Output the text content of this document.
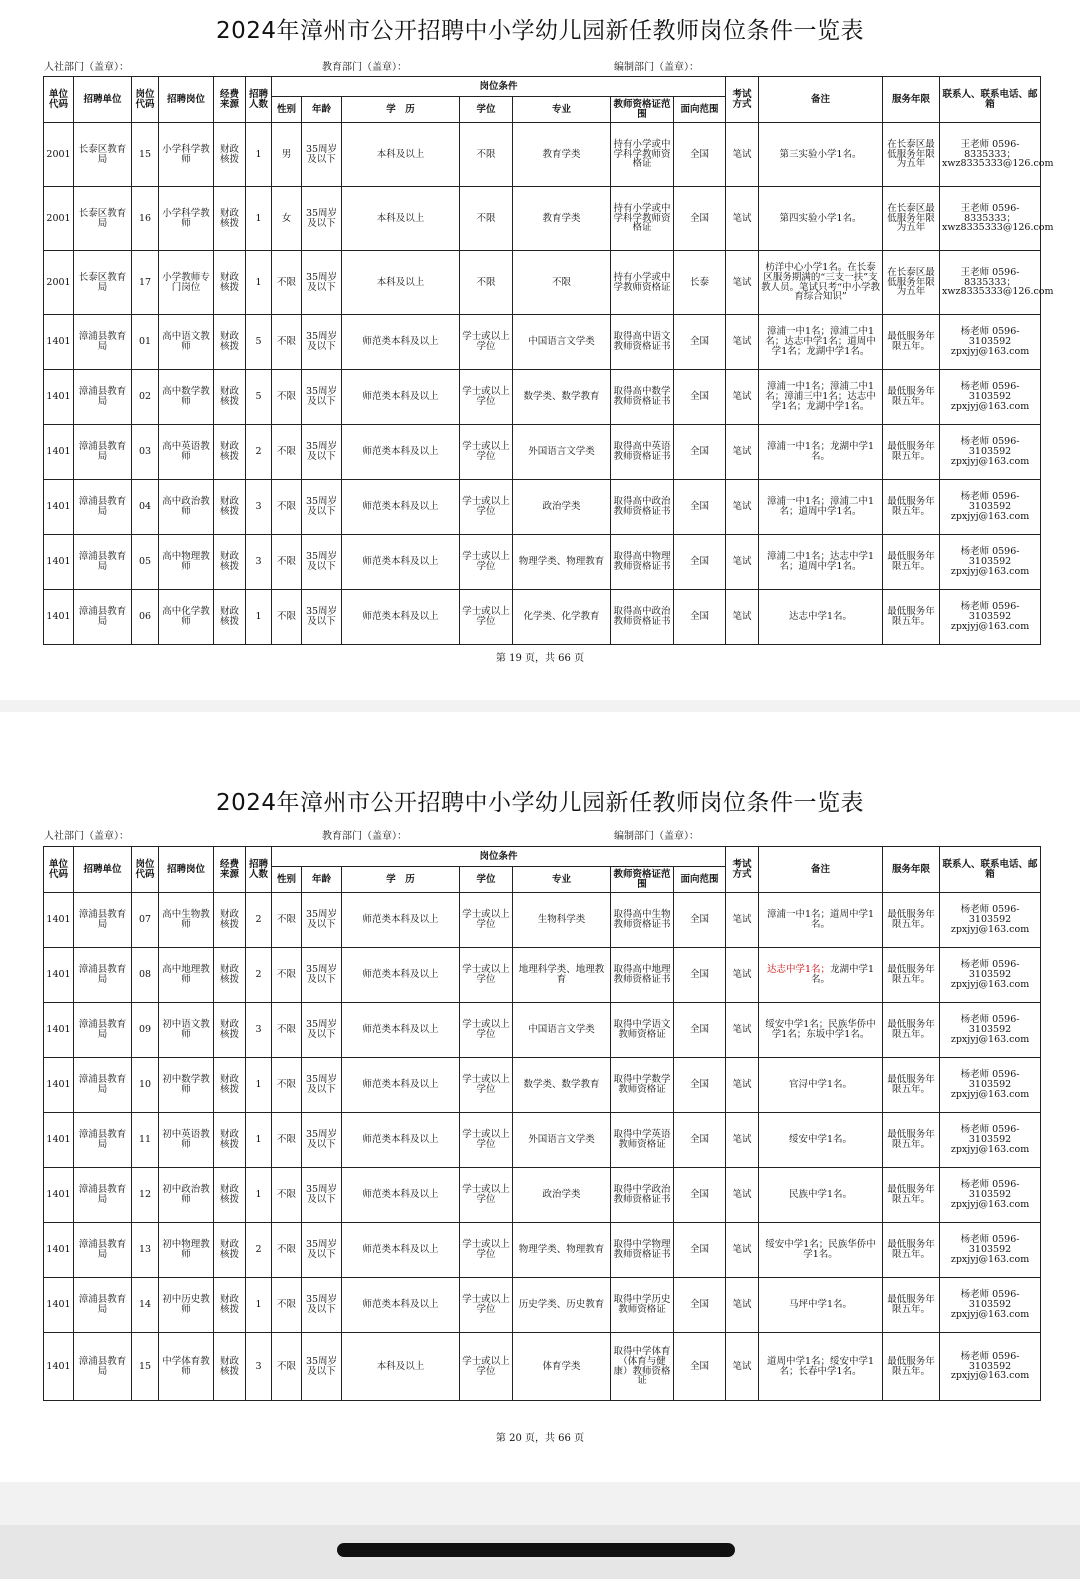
2024年漳州市公开招聘中小学幼儿园新任教师岗位条件一览表
人社部门（盖章）：	教育部门（盖章）：	编制部门（盖章）：
单位代码	招聘单位	岗位代码	招聘岗位	经费来源	招聘人数	岗位条件							考试方式	备注	服务年限	联系人、联系电话、邮箱
						性别	年龄	学　历	学位	专业	教师资格证范围	面向范围				
2001	长泰区教育局	15	小学科学教师	财政核拨	1	男	35周岁及以下	本科及以上	不限	教育学类	持有小学或中学科学教师资格证	全国	笔试	第三实验小学1名。	在长泰区最低服务年限为五年	王老师 0596-8335333；xwz8335333@126.com
2001	长泰区教育局	16	小学科学教师	财政核拨	1	女	35周岁及以下	本科及以上	不限	教育学类	持有小学或中学科学教师资格证	全国	笔试	第四实验小学1名。	在长泰区最低服务年限为五年	王老师 0596-8335333；xwz8335333@126.com
2001	长泰区教育局	17	小学教师专门岗位	财政核拨	1	不限	35周岁及以下	本科及以上	不限	不限	持有小学或中学教师资格证	长泰	笔试	枋洋中心小学1名。在长泰区服务期满的“三支一扶”支教人员。笔试只考“中小学教育综合知识”	在长泰区最低服务年限为五年	王老师 0596-8335333；xwz8335333@126.com
1401	漳浦县教育局	01	高中语文教师	财政核拨	5	不限	35周岁及以下	师范类本科及以上	学士或以上学位	中国语言文学类	取得高中语文教师资格证书	全国	笔试	漳浦一中1名；漳浦二中1名；达志中学1名；道周中学1名；龙湖中学1名。	最低服务年限五年。	杨老师 0596-3103592 zpxjyj@163.com
1401	漳浦县教育局	02	高中数学教师	财政核拨	5	不限	35周岁及以下	师范类本科及以上	学士或以上学位	数学类、数学教育	取得高中数学教师资格证书	全国	笔试	漳浦一中1名；漳浦二中1名；漳浦三中1名；达志中学1名；龙湖中学1名。	最低服务年限五年。	杨老师 0596-3103592 zpxjyj@163.com
1401	漳浦县教育局	03	高中英语教师	财政核拨	2	不限	35周岁及以下	师范类本科及以上	学士或以上学位	外国语言文学类	取得高中英语教师资格证书	全国	笔试	漳浦一中1名；龙湖中学1名。	最低服务年限五年。	杨老师 0596-3103592 zpxjyj@163.com
1401	漳浦县教育局	04	高中政治教师	财政核拨	3	不限	35周岁及以下	师范类本科及以上	学士或以上学位	政治学类	取得高中政治教师资格证书	全国	笔试	漳浦一中1名；漳浦二中1名；道周中学1名。	最低服务年限五年。	杨老师 0596-3103592 zpxjyj@163.com
1401	漳浦县教育局	05	高中物理教师	财政核拨	3	不限	35周岁及以下	师范类本科及以上	学士或以上学位	物理学类、物理教育	取得高中物理教师资格证书	全国	笔试	漳浦二中1名；达志中学1名；道周中学1名。	最低服务年限五年。	杨老师 0596-3103592 zpxjyj@163.com
1401	漳浦县教育局	06	高中化学教师	财政核拨	1	不限	35周岁及以下	师范类本科及以上	学士或以上学位	化学类、化学教育	取得高中政治教师资格证书	全国	笔试	达志中学1名。	最低服务年限五年。	杨老师 0596-3103592 zpxjyj@163.com
第 19 页，共 66 页
2024年漳州市公开招聘中小学幼儿园新任教师岗位条件一览表
人社部门（盖章）：	教育部门（盖章）：	编制部门（盖章）：
单位代码	招聘单位	岗位代码	招聘岗位	经费来源	招聘人数	岗位条件							考试方式	备注	服务年限	联系人、联系电话、邮箱
						性别	年龄	学　历	学位	专业	教师资格证范围	面向范围				
1401	漳浦县教育局	07	高中生物教师	财政核拨	2	不限	35周岁及以下	师范类本科及以上	学士或以上学位	生物科学类	取得高中生物教师资格证书	全国	笔试	漳浦一中1名；道周中学1名。	最低服务年限五年。	杨老师 0596-3103592 zpxjyj@163.com
1401	漳浦县教育局	08	高中地理教师	财政核拨	2	不限	35周岁及以下	师范类本科及以上	学士或以上学位	地理科学类、地理教育	取得高中地理教师资格证书	全国	笔试	达志中学1名；龙湖中学1名。	最低服务年限五年。	杨老师 0596-3103592 zpxjyj@163.com
1401	漳浦县教育局	09	初中语文教师	财政核拨	3	不限	35周岁及以下	师范类本科及以上	学士或以上学位	中国语言文学类	取得中学语文教师资格证	全国	笔试	绥安中学1名；民族华侨中学1名；东坂中学1名。	最低服务年限五年。	杨老师 0596-3103592 zpxjyj@163.com
1401	漳浦县教育局	10	初中数学教师	财政核拨	1	不限	35周岁及以下	师范类本科及以上	学士或以上学位	数学类、数学教育	取得中学数学教师资格证	全国	笔试	官浔中学1名。	最低服务年限五年。	杨老师 0596-3103592 zpxjyj@163.com
1401	漳浦县教育局	11	初中英语教师	财政核拨	1	不限	35周岁及以下	师范类本科及以上	学士或以上学位	外国语言文学类	取得中学英语教师资格证	全国	笔试	绥安中学1名。	最低服务年限五年。	杨老师 0596-3103592 zpxjyj@163.com
1401	漳浦县教育局	12	初中政治教师	财政核拨	1	不限	35周岁及以下	师范类本科及以上	学士或以上学位	政治学类	取得中学政治教师资格证书	全国	笔试	民族中学1名。	最低服务年限五年。	杨老师 0596-3103592 zpxjyj@163.com
1401	漳浦县教育局	13	初中物理教师	财政核拨	2	不限	35周岁及以下	师范类本科及以上	学士或以上学位	物理学类、物理教育	取得中学物理教师资格证书	全国	笔试	绥安中学1名；民族华侨中学1名。	最低服务年限五年。	杨老师 0596-3103592 zpxjyj@163.com
1401	漳浦县教育局	14	初中历史教师	财政核拨	1	不限	35周岁及以下	师范类本科及以上	学士或以上学位	历史学类、历史教育	取得中学历史教师资格证	全国	笔试	马坪中学1名。	最低服务年限五年。	杨老师 0596-3103592 zpxjyj@163.com
1401	漳浦县教育局	15	中学体育教师	财政核拨	3	不限	35周岁及以下	本科及以上	学士或以上学位	体育学类	取得中学体育（体育与健康）教师资格证	全国	笔试	道周中学1名；绥安中学1名；长春中学1名。	最低服务年限五年。	杨老师 0596-3103592 zpxjyj@163.com
第 20 页，共 66 页
